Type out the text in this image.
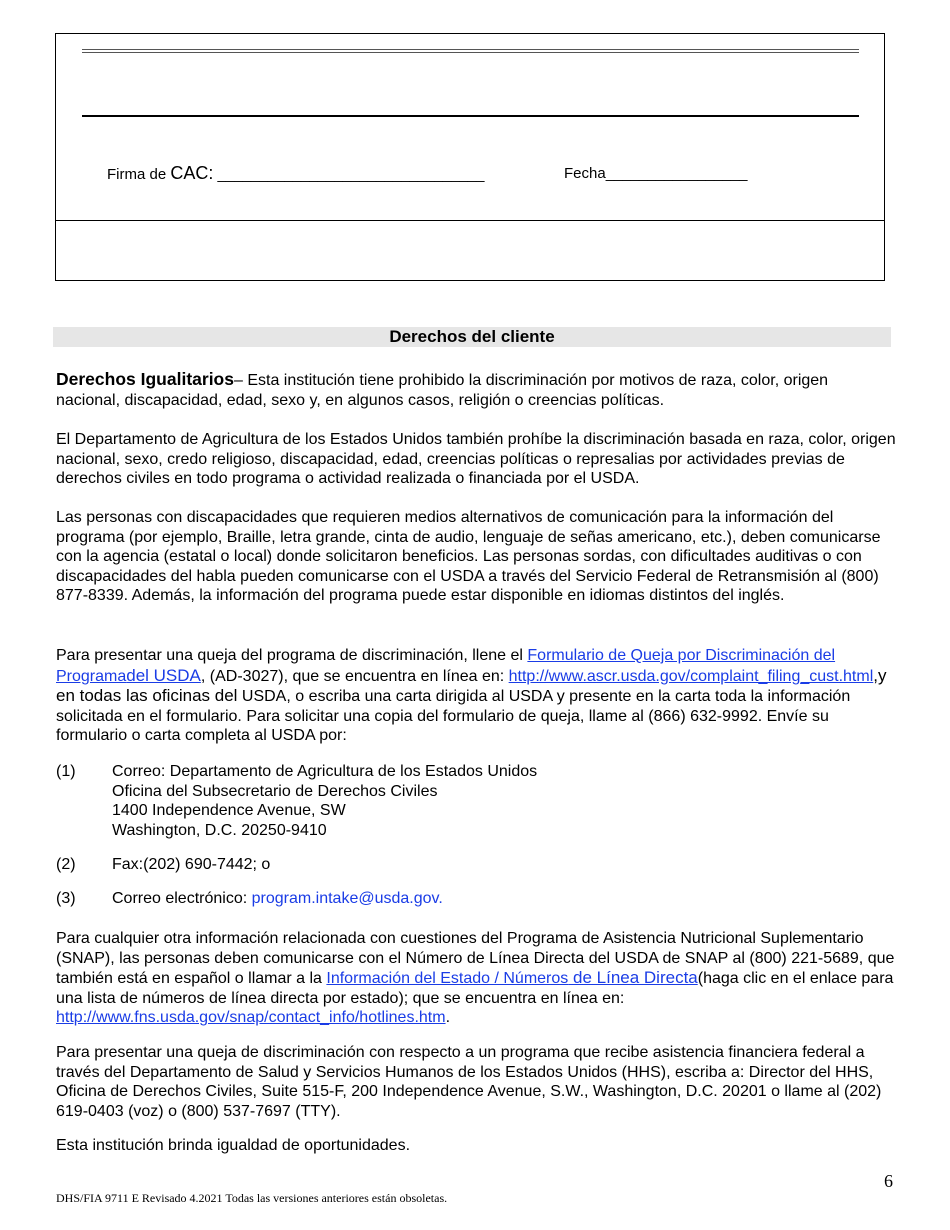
Firma de CAC: ________________________________	Fecha_________________
Derechos del cliente

Derechos Igualitarios– Esta institución tiene prohibido la discriminación por motivos de raza, color, origen nacional, discapacidad, edad, sexo y, en algunos casos, religión o creencias políticas.

El Departamento de Agricultura de los Estados Unidos también prohíbe la discriminación basada en raza, color, origen nacional, sexo, credo religioso, discapacidad, edad, creencias políticas o represalias por actividades previas de derechos civiles en todo programa o actividad realizada o financiada por el USDA.

Las personas con discapacidades que requieren medios alternativos de comunicación para la información del programa (por ejemplo, Braille, letra grande, cinta de audio, lenguaje de señas americano, etc.), deben comunicarse con la agencia (estatal o local) donde solicitaron beneficios. Las personas sordas, con dificultades auditivas o con discapacidades del habla pueden comunicarse con el USDA a través del Servicio Federal de Retransmisión al (800) 877-8339. Además, la información del programa puede estar disponible en idiomas distintos del inglés.

Para presentar una queja del programa de discriminación, llene el Formulario de Queja por Discriminación del Programadel USDA, (AD-3027), que se encuentra en línea en: http://www.ascr.usda.gov/complaint_filing_cust.html,y en todas las oficinas del USDA, o escriba una carta dirigida al USDA y presente en la carta toda la información solicitada en el formulario. Para solicitar una copia del formulario de queja, llame al (866) 632-9992. Envíe su formulario o carta completa al USDA por:

(1) Correo: Departamento de Agricultura de los Estados Unidos
Oficina del Subsecretario de Derechos Civiles
1400 Independence Avenue, SW
Washington, D.C. 20250-9410
(2) Fax:(202) 690-7442; o
(3) Correo electrónico: program.intake@usda.gov.

Para cualquier otra información relacionada con cuestiones del Programa de Asistencia Nutricional Suplementario (SNAP), las personas deben comunicarse con el Número de Línea Directa del USDA de SNAP al (800) 221-5689, que también está en español o llamar a la Información del Estado / Números de Línea Directa(haga clic en el enlace para una lista de números de línea directa por estado); que se encuentra en línea en: http://www.fns.usda.gov/snap/contact_info/hotlines.htm.

Para presentar una queja de discriminación con respecto a un programa que recibe asistencia financiera federal a través del Departamento de Salud y Servicios Humanos de los Estados Unidos (HHS), escriba a: Director del HHS, Oficina de Derechos Civiles, Suite 515-F, 200 Independence Avenue, S.W., Washington, D.C. 20201 o llame al (202) 619-0403 (voz) o (800) 537-7697 (TTY).

Esta institución brinda igualdad de oportunidades.

6
DHS/FIA 9711 E Revisado 4.2021 Todas las versiones anteriores están obsoletas.
